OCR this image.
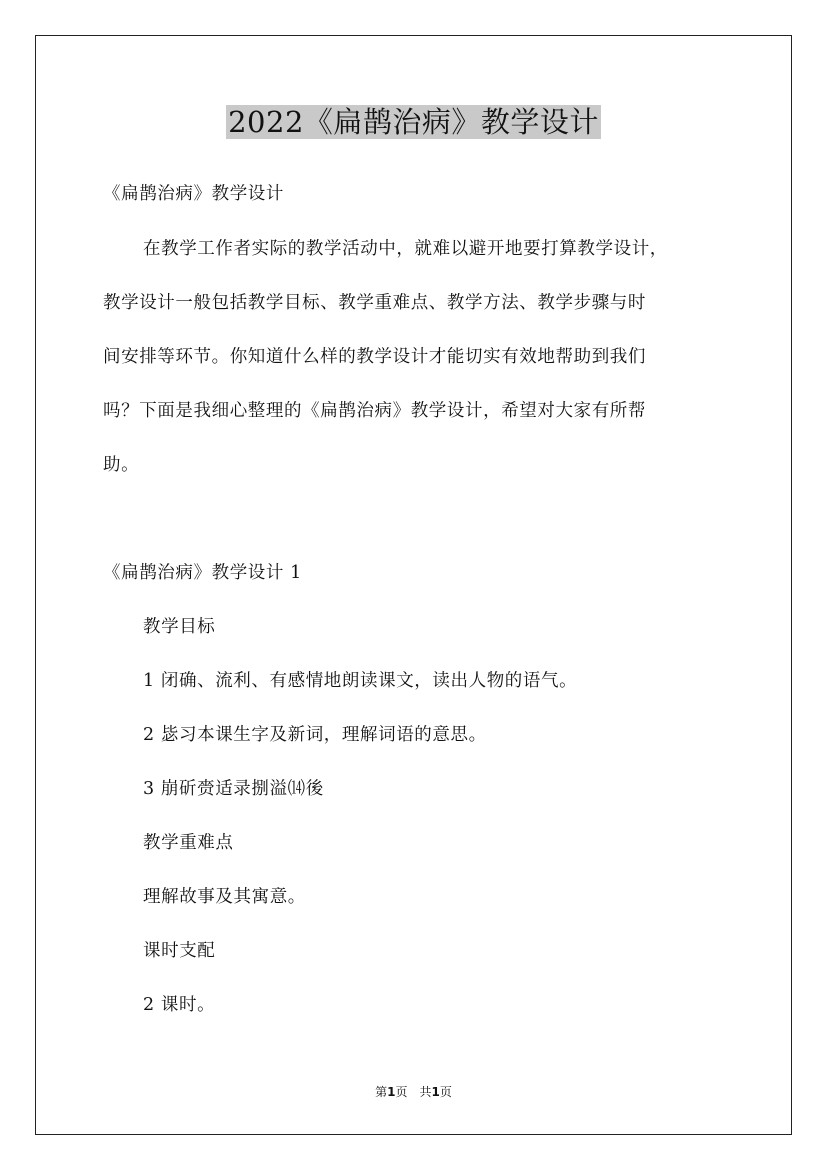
2022《扁鹊治病》教学设计
《扁鹊治病》教学设计
在教学工作者实际的教学活动中，就难以避开地要打算教学设计，
教学设计一般包括教学目标、教学重难点、教学方法、教学步骤与时
间安排等环节。你知道什么样的教学设计才能切实有效地帮助到我们
吗？下面是我细心整理的《扁鹊治病》教学设计，希望对大家有所帮
助。
《扁鹊治病》教学设计 1
教学目标
1 闭确、流利、有感情地朗读课文，读出人物的语气。
2 毖习本课生字及新词，理解词语的意思。
3 崩斫赍适录捌溢⒁後
教学重难点
理解故事及其寓意。
课时支配
2 课时。
第1页　共1页
